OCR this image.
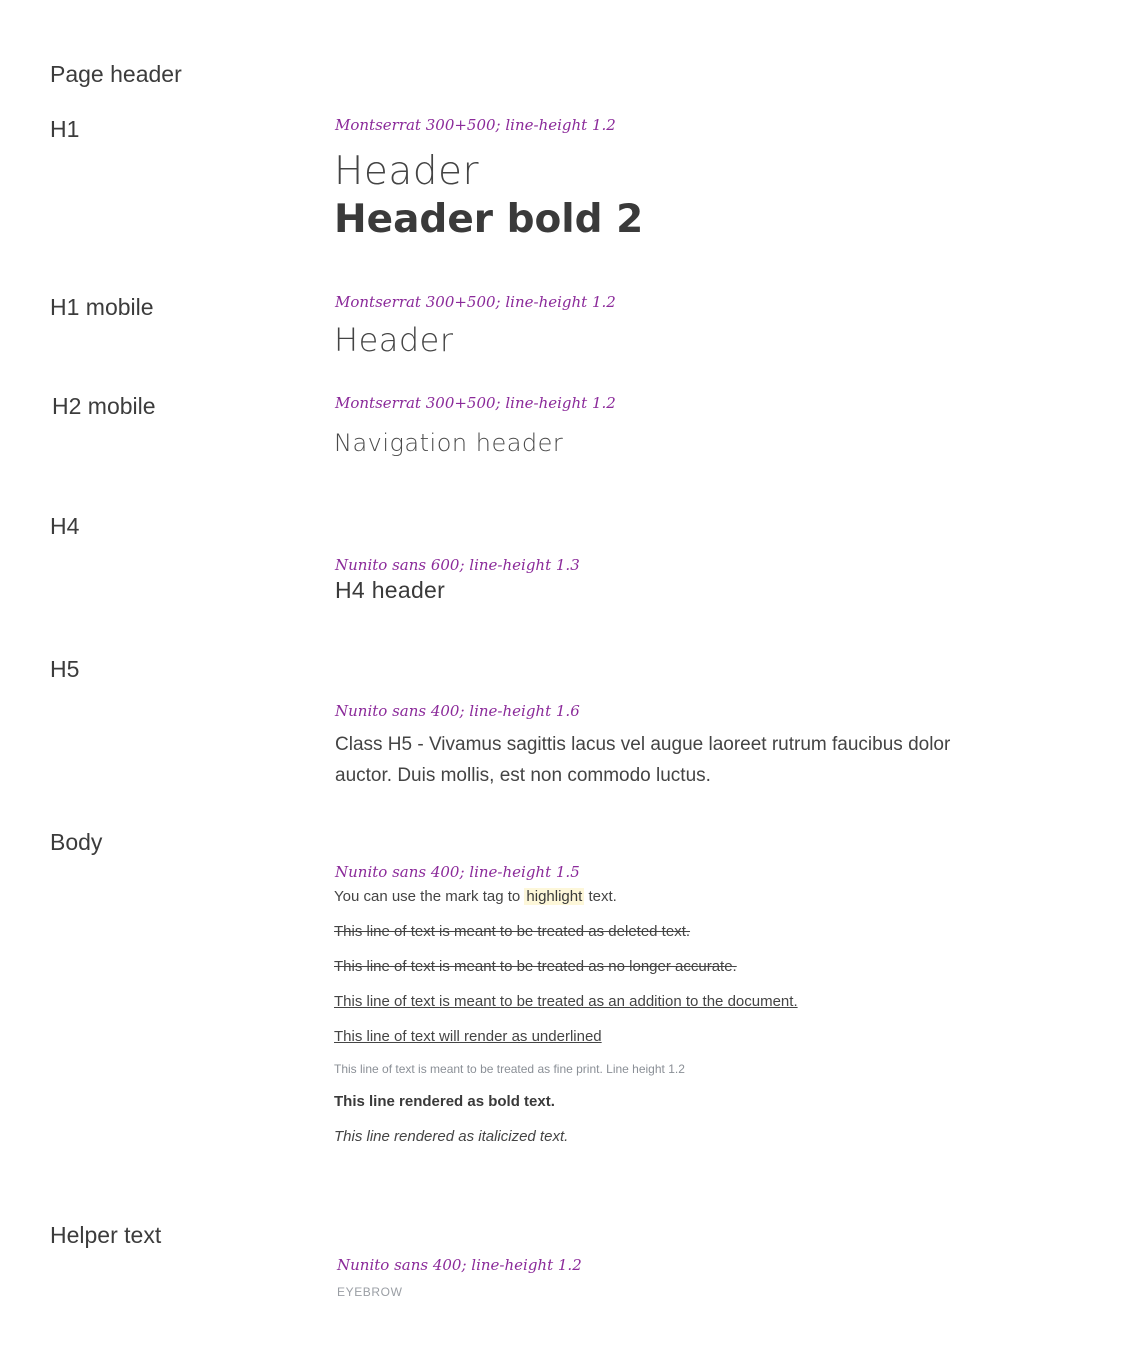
Page header
H1	Montserrat 300+500; line-height 1.2
Header
Header bold 2
H1 mobile	Montserrat 300+500; line-height 1.2
Header
H2 mobile	Montserrat 300+500; line-height 1.2
Navigation header
H4
Nunito sans 600; line-height 1.3
H4 header
H5
Nunito sans 400; line-height 1.6
Class H5 - Vivamus sagittis lacus vel augue laoreet rutrum faucibus dolor auctor. Duis mollis, est non commodo luctus.
Body
Nunito sans 400; line-height 1.5
You can use the mark tag to highlight text.
This line of text is meant to be treated as deleted text.
This line of text is meant to be treated as no longer accurate.
This line of text is meant to be treated as an addition to the document.
This line of text will render as underlined
This line of text is meant to be treated as fine print. Line height 1.2
This line rendered as bold text.
This line rendered as italicized text.
Helper text
Nunito sans 400; line-height 1.2
EYEBROW
